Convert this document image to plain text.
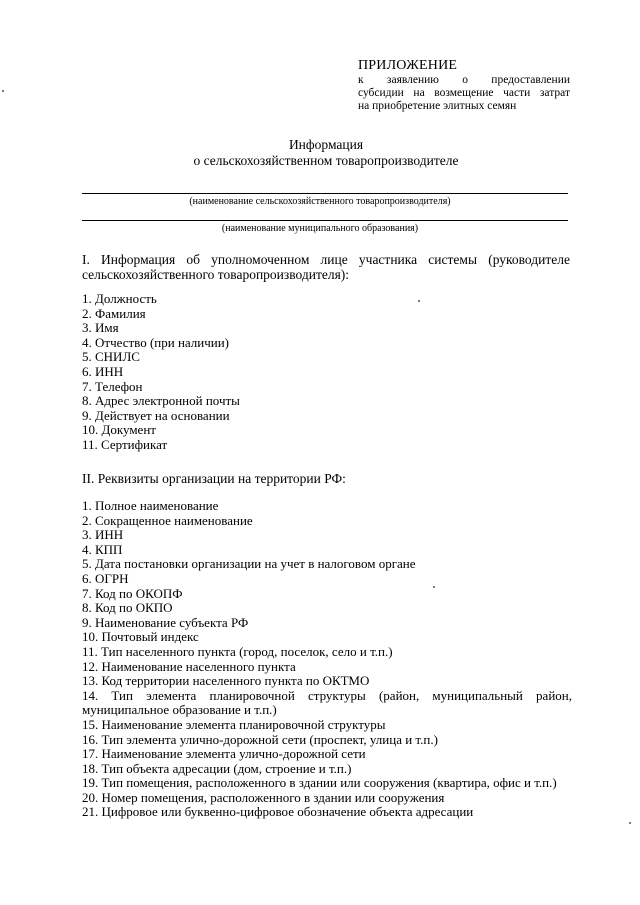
ПРИЛОЖЕНИЕ
к заявлению о предоставлении
субсидии на возмещение части затрат
на приобретение элитных семян
Информация
о сельскохозяйственном товаропроизводителе
(наименование сельскохозяйственного товаропроизводителя)
(наименование муниципального образования)
I. Информация об уполномоченном лице участника системы (руководителе сельскохозяйственного товаропроизводителя):
1. Должность
2. Фамилия
3. Имя
4. Отчество (при наличии)
5. СНИЛС
6. ИНН
7. Телефон
8. Адрес электронной почты
9. Действует на основании
10. Документ
11. Сертификат
II. Реквизиты организации на территории РФ:
1. Полное наименование
2. Сокращенное наименование
3. ИНН
4. КПП
5. Дата постановки организации на учет в налоговом органе
6. ОГРН
7. Код по ОКОПФ
8. Код по ОКПО
9. Наименование субъекта РФ
10. Почтовый индекс
11. Тип населенного пункта (город, поселок, село и т.п.)
12. Наименование населенного пункта
13. Код территории населенного пункта по ОКТМО
14. Тип элемента планировочной структуры (район, муниципальный район,
муниципальное образование и т.п.)
15. Наименование элемента планировочной структуры
16. Тип элемента улично-дорожной сети (проспект, улица и т.п.)
17. Наименование элемента улично-дорожной сети
18. Тип объекта адресации (дом, строение и т.п.)
19. Тип помещения, расположенного в здании или сооружения (квартира, офис и т.п.)
20. Номер помещения, расположенного в здании или сооружения
21. Цифровое или буквенно-цифровое обозначение объекта адресации
